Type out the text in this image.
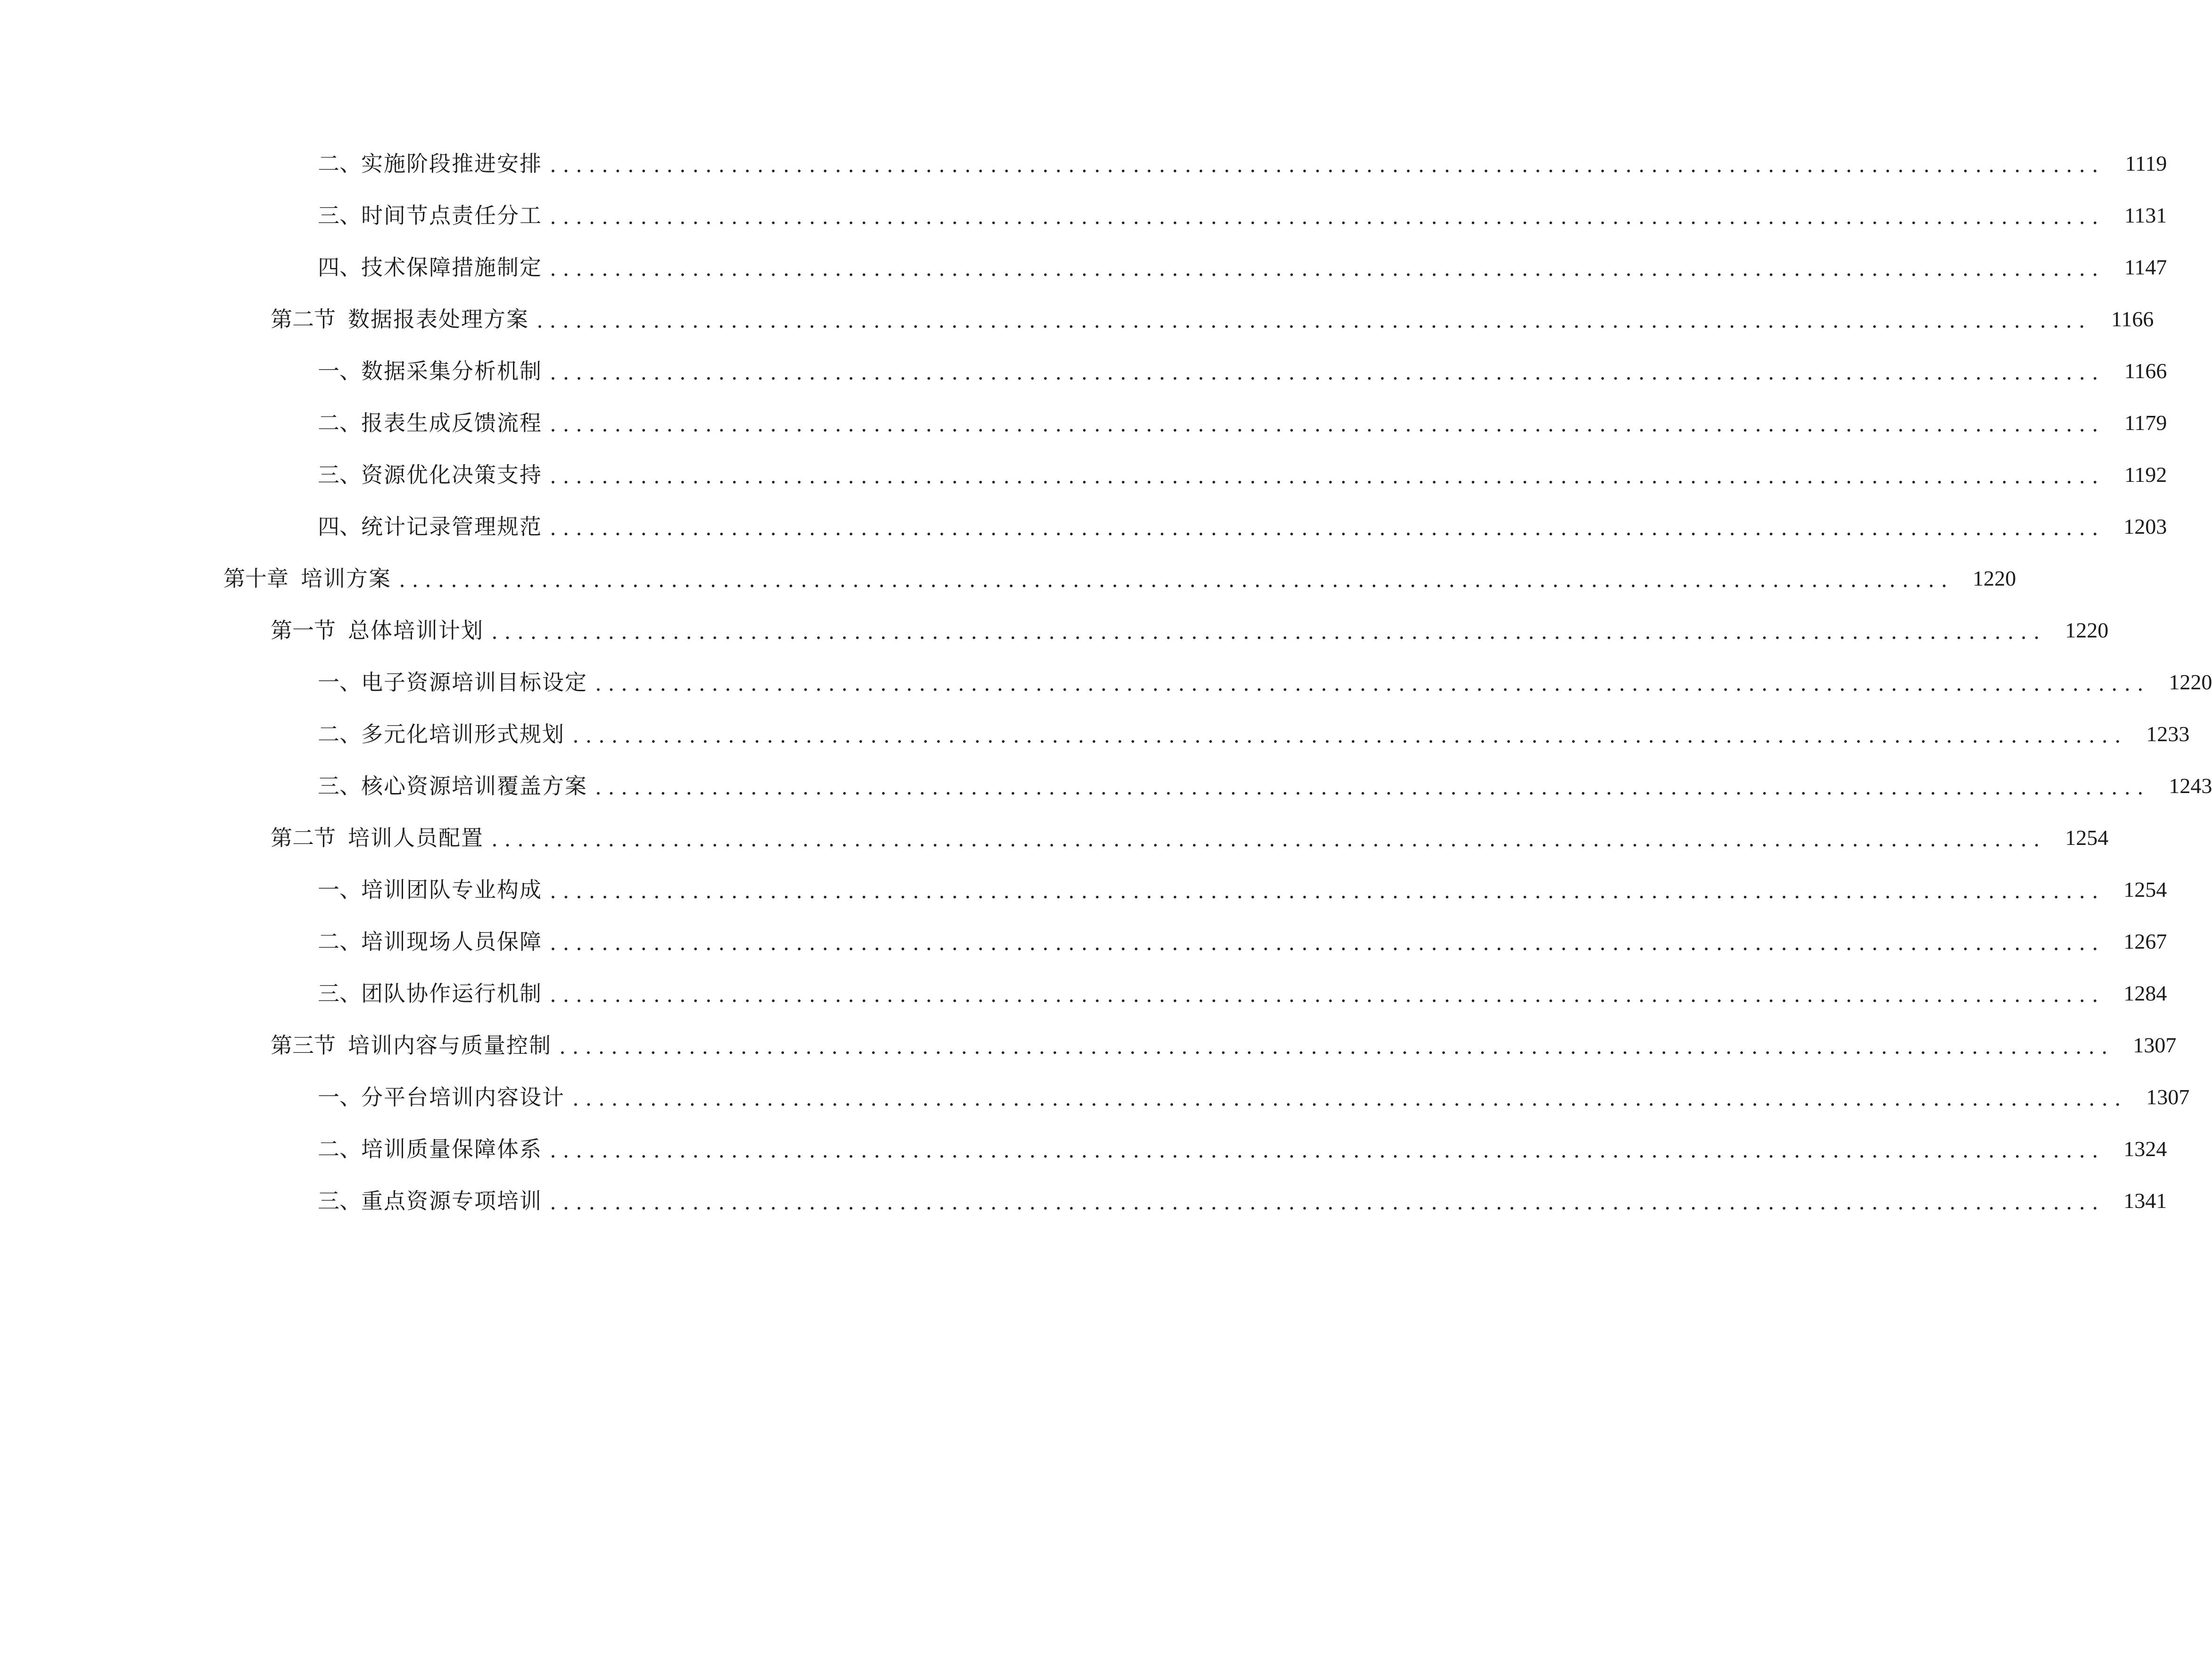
二、 实施阶段推进安排 ........................................................................................................................ 1119
三、 时间节点责任分工 ........................................................................................................................ 1131
四、 技术保障措施制定 ........................................................................................................................ 1147
第二节 数据报表处理方案 ........................................................................................................................ 1166
一、 数据采集分析机制 ........................................................................................................................ 1166
二、 报表生成反馈流程 ........................................................................................................................ 1179
三、 资源优化决策支持 ........................................................................................................................ 1192
四、 统计记录管理规范 ........................................................................................................................ 1203
第十章 培训方案 ........................................................................................................................ 1220
第一节 总体培训计划 ........................................................................................................................ 1220
一、 电子资源培训目标设定 ........................................................................................................................ 1220
二、 多元化培训形式规划 ........................................................................................................................ 1233
三、 核心资源培训覆盖方案 ........................................................................................................................ 1243
第二节 培训人员配置 ........................................................................................................................ 1254
一、 培训团队专业构成 ........................................................................................................................ 1254
二、 培训现场人员保障 ........................................................................................................................ 1267
三、 团队协作运行机制 ........................................................................................................................ 1284
第三节 培训内容与质量控制 ........................................................................................................................ 1307
一、 分平台培训内容设计 ........................................................................................................................ 1307
二、 培训质量保障体系 ........................................................................................................................ 1324
三、 重点资源专项培训 ........................................................................................................................ 1341
